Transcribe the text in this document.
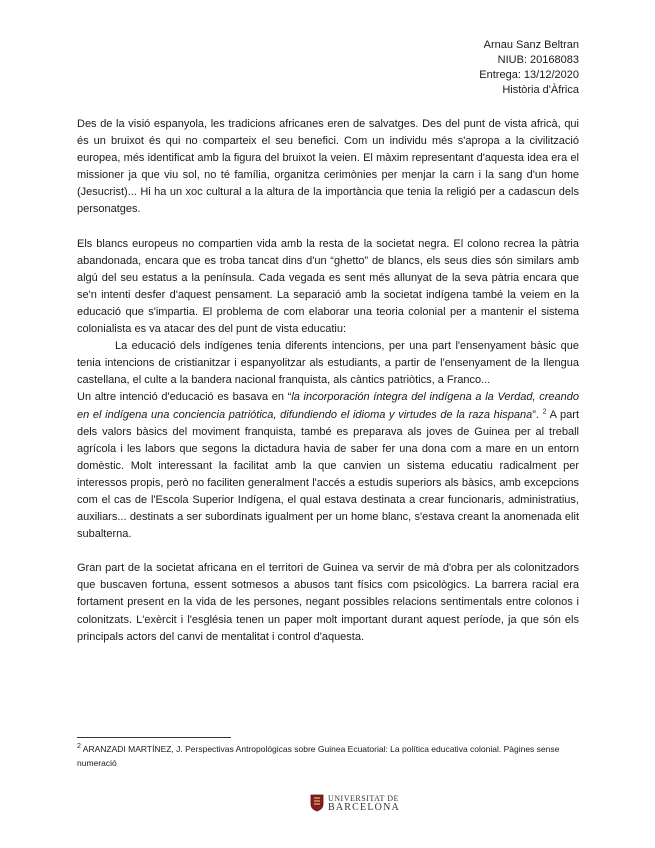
Arnau Sanz Beltran
NIUB: 20168083
Entrega: 13/12/2020
Història d'Àfrica

Des de la visió espanyola, les tradicions africanes eren de salvatges. Des del punt de vista africà, qui és un bruixot és qui no comparteix el seu benefici. Com un individu més s'apropa a la civilització europea, més identificat amb la figura del bruixot la veien. El màxim representant d'aquesta idea era el missioner ja que viu sol, no té família, organitza cerimònies per menjar la carn i la sang d'un home (Jesucrist)... Hi ha un xoc cultural a la altura de la importància que tenia la religió per a cadascun dels personatges.

Els blancs europeus no compartien vida amb la resta de la societat negra. El colono recrea la pàtria abandonada, encara que es troba tancat dins d'un “ghetto” de blancs, els seus dies són similars amb algú del seu estatus a la península. Cada vegada es sent més allunyat de la seva pàtria encara que se'n intenti desfer d'aquest pensament. La separació amb la societat indígena també la veiem en la educació que s'impartia. El problema de com elaborar una teoria colonial per a mantenir el sistema colonialista es va atacar des del punt de vista educatiu:

La educació dels indígenes tenia diferents intencions, per una part l'ensenyament bàsic que tenia intencions de cristianitzar i espanyolitzar als estudiants, a partir de l'ensenyament de la llengua castellana, el culte a la bandera nacional franquista, als càntics patriòtics, a Franco...

Un altre intenció d'educació es basava en “la incorporación íntegra del indígena a la Verdad, creando en el indígena una conciencia patriótica, difundiendo el idioma y virtudes de la raza hispana”. $^2$ A part dels valors bàsics del moviment franquista, també es preparava als joves de Guinea per al treball agrícola i les labors que segons la dictadura havia de saber fer una dona com a mare en un entorn domèstic. Molt interessant la facilitat amb la que canvien un sistema educatiu radicalment per interessos propis, però no faciliten generalment l'accés a estudis superiors als bàsics, amb excepcions com el cas de l'Escola Superior Indígena, el qual estava destinata a crear funcionaris, administratius, auxiliars... destinats a ser subordinats igualment per un home blanc, s'estava creant la anomenada elit subalterna.

Gran part de la societat africana en el territori de Guinea va servir de mà d'obra per als colonitzadors que buscaven fortuna, essent sotmesos a abusos tant físics com psicològics. La barrera racial era fortament present en la vida de les persones, negant possibles relacions sentimentals entre colonos i colonitzats. L'exèrcit i l'església tenen un paper molt important durant aquest període, ja que són els principals actors del canvi de mentalitat i control d'aquesta.

$^2$ ARANZADI MARTÍNEZ, J. Perspectivas Antropológicas sobre Guinea Ecuatorial: La política educativa colonial. Pàgines sense numeració
UNIVERSITAT DE
BARCELONA
